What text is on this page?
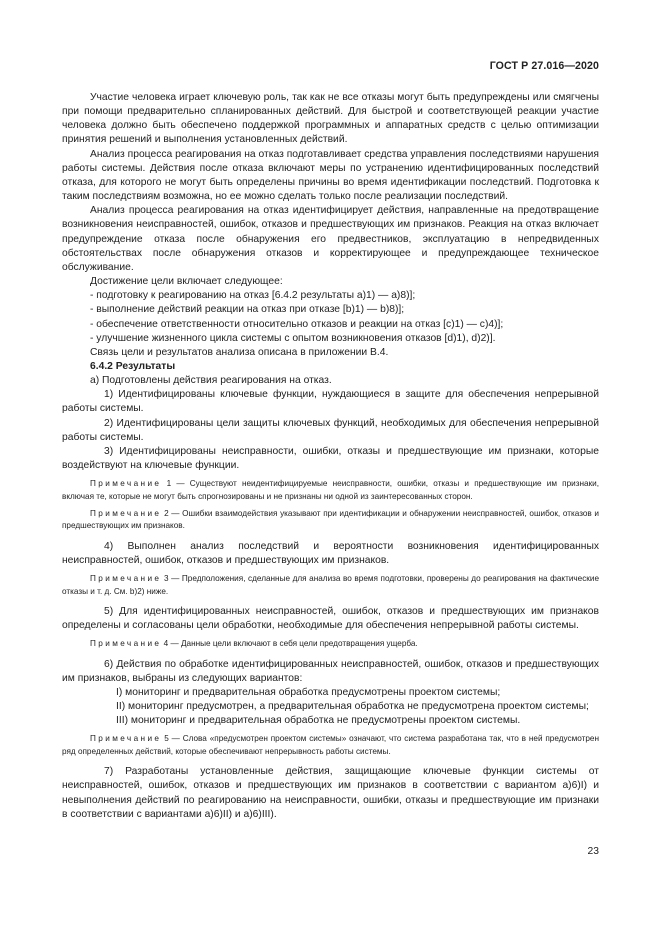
ГОСТ Р 27.016—2020

Участие человека играет ключевую роль, так как не все отказы могут быть предупреждены или смягчены при помощи предварительно спланированных действий. Для быстрой и соответствующей реакции участие человека должно быть обеспечено поддержкой программных и аппаратных средств с целью оптимизации принятия решений и выполнения установленных действий.

Анализ процесса реагирования на отказ подготавливает средства управления последствиями нарушения работы системы. Действия после отказа включают меры по устранению идентифицированных последствий отказа, для которого не могут быть определены причины во время идентификации последствий. Подготовка к таким последствиям возможна, но ее можно сделать только после реализации последствий.

Анализ процесса реагирования на отказ идентифицирует действия, направленные на предотвращение возникновения неисправностей, ошибок, отказов и предшествующих им признаков. Реакция на отказ включает предупреждение отказа после обнаружения его предвестников, эксплуатацию в непредвиденных обстоятельствах после обнаружения отказов и корректирующее и предупреждающее техническое обслуживание.

Достижение цели включает следующее:

- подготовку к реагированию на отказ [6.4.2 результаты а)1) — а)8)];

- выполнение действий реакции на отказ при отказе [b)1) — b)8)];

- обеспечение ответственности относительно отказов и реакции на отказ [c)1) — c)4)];

- улучшение жизненного цикла системы с опытом возникновения отказов [d)1), d)2)].

Связь цели и результатов анализа описана в приложении В.4.

6.4.2 Результаты

а) Подготовлены действия реагирования на отказ.

1) Идентифицированы ключевые функции, нуждающиеся в защите для обеспечения непрерывной работы системы.

2) Идентифицированы цели защиты ключевых функций, необходимых для обеспечения непрерывной работы системы.

3) Идентифицированы неисправности, ошибки, отказы и предшествующие им признаки, которые воздействуют на ключевые функции.

Примечание 1 — Существуют неидентифицируемые неисправности, ошибки, отказы и предшествующие им признаки, включая те, которые не могут быть спрогнозированы и не признаны ни одной из заинтересованных сторон.

Примечание 2 — Ошибки взаимодействия указывают при идентификации и обнаружении неисправностей, ошибок, отказов и предшествующих им признаков.

4) Выполнен анализ последствий и вероятности возникновения идентифицированных неисправностей, ошибок, отказов и предшествующих им признаков.

Примечание 3 — Предположения, сделанные для анализа во время подготовки, проверены до реагирования на фактические отказы и т. д. См. b)2) ниже.

5) Для идентифицированных неисправностей, ошибок, отказов и предшествующих им признаков определены и согласованы цели обработки, необходимые для обеспечения непрерывной работы системы.

Примечание 4 — Данные цели включают в себя цели предотвращения ущерба.

6) Действия по обработке идентифицированных неисправностей, ошибок, отказов и предшествующих им признаков, выбраны из следующих вариантов:

I) мониторинг и предварительная обработка предусмотрены проектом системы;

II) мониторинг предусмотрен, а предварительная обработка не предусмотрена проектом системы;

III) мониторинг и предварительная обработка не предусмотрены проектом системы.

Примечание 5 — Слова «предусмотрен проектом системы» означают, что система разработана так, что в ней предусмотрен ряд определенных действий, которые обеспечивают непрерывность работы системы.

7) Разработаны установленные действия, защищающие ключевые функции системы от неисправностей, ошибок, отказов и предшествующих им признаков в соответствии с вариантом а)6)I) и невыполнения действий по реагированию на неисправности, ошибки, отказы и предшествующие им признаки в соответствии с вариантами а)6)II) и а)6)III).

23
